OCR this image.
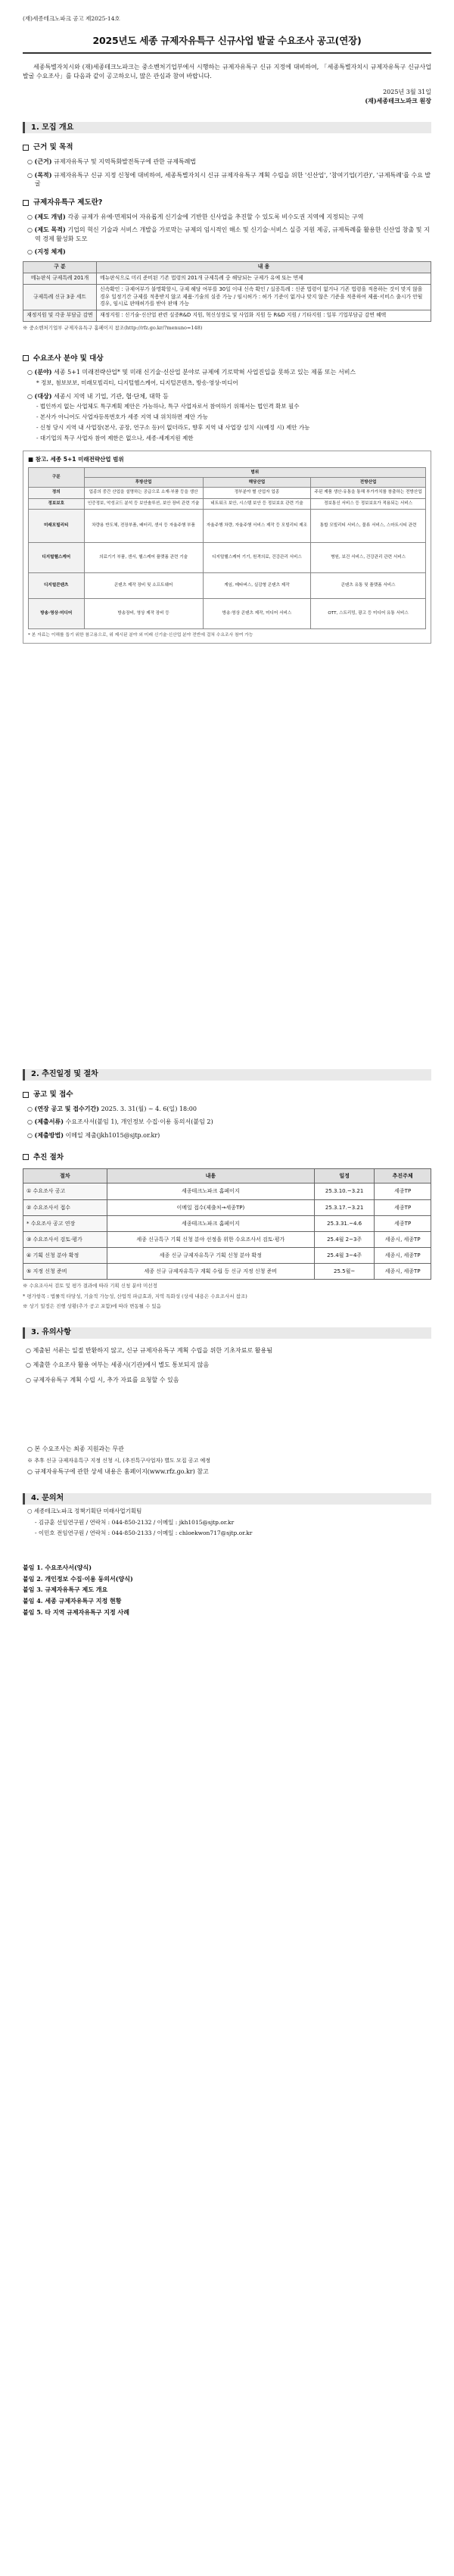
(재)세종테크노파크 공고 제2025-14호
2025년도 세종 규제자유특구 신규사업 발굴 수요조사 공고(연장)

세종특별자치시와 (재)세종테크노파크는 중소벤처기업부에서 시행하는 규제자유특구 신규 지정에 대비하여, 「세종특별자치시 규제자유특구 신규사업 발굴 수요조사」를 다음과 같이 공고하오니, 많은 관심과 참여 바랍니다.

2025년 3월 31일
(재)세종테크노파크 원장
1. 모집 개요
근거 및 목적
○ (근거) 규제자유특구 및 지역특화발전특구에 관한 규제특례법
○ (목적) 규제자유특구 신규 지정 신청에 대비하여, 세종특별자치시 신규 규제자유특구 계획 수립을 위한 '신산업', '참여기업(기관)', '규제특례'를 수요 발굴
규제자유특구 제도란?
○ (제도 개념) 각종 규제가 유예·면제되어 자유롭게 신기술에 기반한 신사업을 추진할 수 있도록 비수도권 지역에 지정되는 구역
○ (제도 목적) 기업의 혁신 기술과 서비스 개발을 가로막는 규제의 임시적인 해소 및 신기술·서비스 실증 지원 제공, 규제특례를 활용한 신산업 창출 및 지역 경제 활성화 도모
○ (지정 체계)
구 분	내 용
메뉴판식 규제특례 201개	메뉴판식으로 미리 준비된 기존 법령의 201개 규제특례 중 해당되는 규제가 유예 또는 면제
규제특례 신규 3종 세트	신속확인 : 규제여부가 불명확할시, 규제 해당 여부를 30일 이내 신속 확인 / 실증특례 : 신준 법령이 없거나 기존 법령을 적용하는 것이 맞지 않을 경우 일정기간 규제를 적용받지 않고 제품·기술의 실증 가능 / 임시허가 : 허가 기준이 없거나 맞지 않은 기준을 적용하여 제품·서비스 출시가 안될 경우, 임시로 판매허가를 받아 판매 가능
재정지원 및 각종 부담금 감면	재정지원 : 신기술·신산업 관련 실증R&D 지원, 혁신성장로 및 사업화 지원 등 R&D 지원 / 기타지원 : 일부 기업부담금 감면 혜택
※ 중소벤처기업부 규제자유특구 홈페이지 참조(http://rfz.go.kr/?menuno=148)
수요조사 분야 및 대상
○ (분야) 세종 5+1 미래전략산업* 및 미래 신기술·신산업 분야로 규제에 기로막혀 사업진입을 못하고 있는 제품 또는 서비스
* 정보, 첨보보보, 미래모빌리티, 디지털헬스케어, 디지털콘텐츠, 방송·영상·미디어
○ (대상) 세종시 지역 내 기업, 기관, 협·단체, 대학 등
- 법인까지 없는 사업체도 특구계획 제안은 가능하나, 특구 사업자로서 참여하기 위해서는 법인격 확보 필수
- 본사가 아니어도 사업자등록번호가 세종 지역 내 위치하면 제안 가능
- 신청 당시 지역 내 사업장(본사, 공장, 연구소 등)이 없더라도, 향후 지역 내 사업장 설치 시(예정 시) 제안 가능
- 대기업의 특구 사업자 참여 제한은 없으나, 세종·세계지원 제한
■ 참고. 세종 5+1 미래전략산업 범위
구분	범위		
	후방산업	해당산업	전방산업
정의	업종의 중간 산업을 설명하는 공급으로 소재·부품 등을 생산	정부분야 별 산업자 업종	주된 제품 생산·유통을 통해 부가가치를 창출하는 전방산업
정보보호	인증정보, 악성코드 분석 등 보안솔루션, 보안 장비 관련 기술	네트워크 보안, 시스템 보안 등 정보보호 관련 기술	정보통신 서비스 등 정보보호가 적용되는 서비스
미래모빌리티	차량용 반도체, 전장부품, 배터리, 센서 등 자율주행 부품	자율주행 차량, 자율주행 서비스 제작 등 모빌리티 제조	통합 모빌리티 서비스, 물류 서비스, 스마트시티 관련
디지털헬스케어	의료기기 부품, 센서, 헬스케어 플랫폼 관련 기술	디지털헬스케어 기기, 원격의료, 건강관리 서비스	병원, 보건 서비스, 건강관리 관련 서비스
디지털콘텐츠	콘텐츠 제작 장비 및 소프트웨어	게임, 메타버스, 실감형 콘텐츠 제작	콘텐츠 유통 및 플랫폼 서비스
방송·영상·미디어	방송장비, 영상 제작 장비 등	방송·영상 콘텐츠 제작, 미디어 서비스	OTT, 스트리밍, 광고 등 미디어 유통 서비스
* 본 자료는 이해를 돕기 위한 참고용으로, 위 제시된 분야 외 미래 신기술·신산업 분야 전반에 걸쳐 수요조사 참여 가능
2. 추진일정 및 절차
공고 및 접수
○ (연장 공고 및 접수기간) 2025. 3. 31(월) ~ 4. 6(일) 18:00
○ (제출서류) 수요조사서(붙임 1), 개인정보 수집·이용 동의서(붙임 2)
○ (제출방법) 이메일 제출(jkh1015@sjtp.or.kr)
추진 절차
절차	내용	일정	추진주체
① 수요조사 공고	세종테크노파크 홈페이지	25.3.10.~3.21	세종TP
② 수요조사서 접수	이메일 접수(제출처→세종TP)	25.3.17.~3.21	세종TP
* 수요조사 공고 연장	세종테크노파크 홈페이지	25.3.31.~4.6	세종TP
③ 수요조사서 검토·평가	세종 신규특구 기획 신청 분야 선정을 위한 수요조사서 검토·평가	25.4월 2~3주	세종시, 세종TP
④ 기획 신청 분야 확정	세종 신규 규제자유특구 기획 신청 분야 확정	25.4월 3~4주	세종시, 세종TP
⑤ 지정 신청 준비	세종 신규 규제자유특구 계획 수립 등 신규 지정 신청 준비	25.5월~	세종시, 세종TP
※ 수요조사서 검토 및 평가 결과에 따라 기획 신청 분야 미선정
* 평가항목 : 법률적 타당성, 기술적 가능성, 산업적 파급효과, 지역 특화성 (상세 내용은 수요조사서 참조)
※ 상기 일정은 진행 상황(추가 공고 포함)에 따라 변동될 수 있음
3. 유의사항

○ 제출된 서류는 일절 반환하지 않고, 신규 규제자유특구 계획 수립을 위한 기초자료로 활용됨

○ 제출한 수요조사 활용 여부는 세종시(기관)에서 별도 통보되지 않음

○ 규제자유특구 계획 수립 시, 추가 자료를 요청할 수 있음

○ 본 수요조사는 최종 지원과는 무관

※ 추후 신규 규제자유특구 지정 신청 시, (추진특구사업자) 별도 모집 공고 예정

○ 규제자유특구에 관한 상세 내용은 홈페이지(www.rfz.go.kr) 참고

4. 문의처

○ 세종테크노파크 정책기획단 미래사업기획팀

- 김규훈 선임연구원 / 연락처 : 044-850-2132 / 이메일 : jkh1015@sjtp.or.kr

- 이민호 전임연구원 / 연락처 : 044-850-2133 / 이메일 : chloekwon717@sjtp.or.kr

붙임 1. 수요조사서(양식)

붙임 2. 개인정보 수집·이용 동의서(양식)

붙임 3. 규제자유특구 제도 개요

붙임 4. 세종 규제자유특구 지정 현황

붙임 5. 타 지역 규제자유특구 지정 사례
